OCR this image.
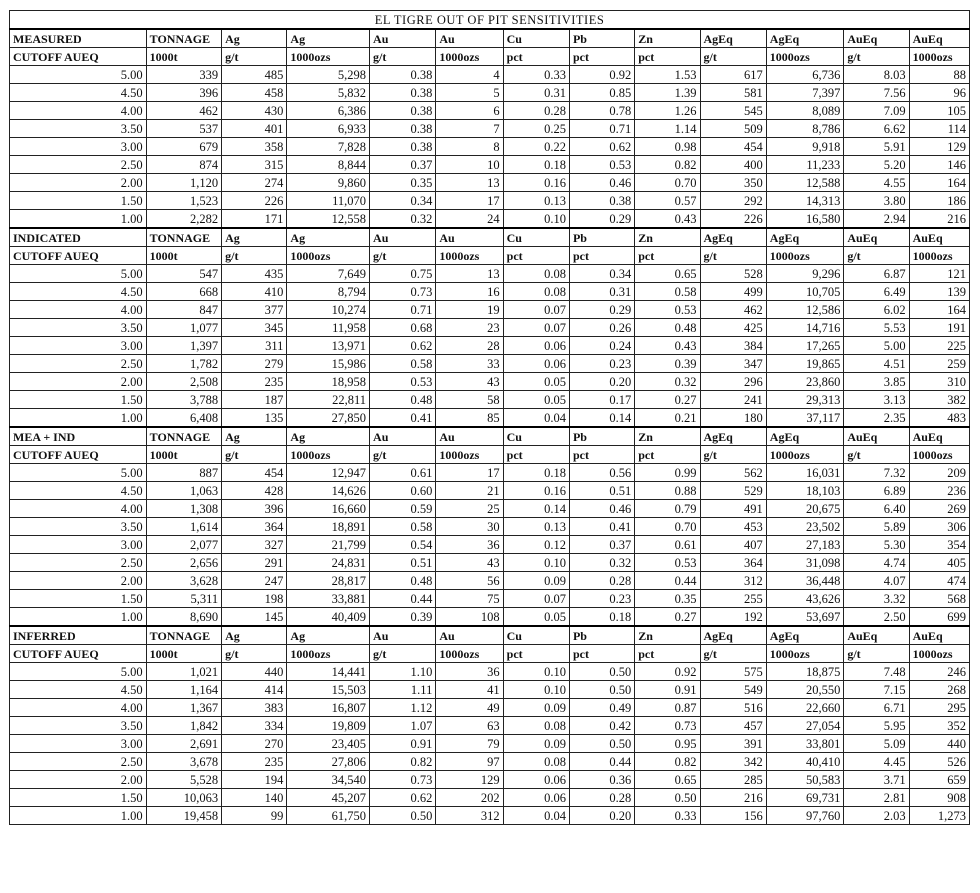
EL TIGRE OUT OF PIT SENSITIVITIES												
MEASURED	TONNAGE	Ag	Ag	Au	Au	Cu	Pb	Zn	AgEq	AgEq	AuEq	AuEq
CUTOFF AUEQ	1000t	g/t	1000ozs	g/t	1000ozs	pct	pct	pct	g/t	1000ozs	g/t	1000ozs
5.00	339	485	5,298	0.38	4	0.33	0.92	1.53	617	6,736	8.03	88
4.50	396	458	5,832	0.38	5	0.31	0.85	1.39	581	7,397	7.56	96
4.00	462	430	6,386	0.38	6	0.28	0.78	1.26	545	8,089	7.09	105
3.50	537	401	6,933	0.38	7	0.25	0.71	1.14	509	8,786	6.62	114
3.00	679	358	7,828	0.38	8	0.22	0.62	0.98	454	9,918	5.91	129
2.50	874	315	8,844	0.37	10	0.18	0.53	0.82	400	11,233	5.20	146
2.00	1,120	274	9,860	0.35	13	0.16	0.46	0.70	350	12,588	4.55	164
1.50	1,523	226	11,070	0.34	17	0.13	0.38	0.57	292	14,313	3.80	186
1.00	2,282	171	12,558	0.32	24	0.10	0.29	0.43	226	16,580	2.94	216
INDICATED	TONNAGE	Ag	Ag	Au	Au	Cu	Pb	Zn	AgEq	AgEq	AuEq	AuEq
CUTOFF AUEQ	1000t	g/t	1000ozs	g/t	1000ozs	pct	pct	pct	g/t	1000ozs	g/t	1000ozs
5.00	547	435	7,649	0.75	13	0.08	0.34	0.65	528	9,296	6.87	121
4.50	668	410	8,794	0.73	16	0.08	0.31	0.58	499	10,705	6.49	139
4.00	847	377	10,274	0.71	19	0.07	0.29	0.53	462	12,586	6.02	164
3.50	1,077	345	11,958	0.68	23	0.07	0.26	0.48	425	14,716	5.53	191
3.00	1,397	311	13,971	0.62	28	0.06	0.24	0.43	384	17,265	5.00	225
2.50	1,782	279	15,986	0.58	33	0.06	0.23	0.39	347	19,865	4.51	259
2.00	2,508	235	18,958	0.53	43	0.05	0.20	0.32	296	23,860	3.85	310
1.50	3,788	187	22,811	0.48	58	0.05	0.17	0.27	241	29,313	3.13	382
1.00	6,408	135	27,850	0.41	85	0.04	0.14	0.21	180	37,117	2.35	483
MEA + IND	TONNAGE	Ag	Ag	Au	Au	Cu	Pb	Zn	AgEq	AgEq	AuEq	AuEq
CUTOFF AUEQ	1000t	g/t	1000ozs	g/t	1000ozs	pct	pct	pct	g/t	1000ozs	g/t	1000ozs
5.00	887	454	12,947	0.61	17	0.18	0.56	0.99	562	16,031	7.32	209
4.50	1,063	428	14,626	0.60	21	0.16	0.51	0.88	529	18,103	6.89	236
4.00	1,308	396	16,660	0.59	25	0.14	0.46	0.79	491	20,675	6.40	269
3.50	1,614	364	18,891	0.58	30	0.13	0.41	0.70	453	23,502	5.89	306
3.00	2,077	327	21,799	0.54	36	0.12	0.37	0.61	407	27,183	5.30	354
2.50	2,656	291	24,831	0.51	43	0.10	0.32	0.53	364	31,098	4.74	405
2.00	3,628	247	28,817	0.48	56	0.09	0.28	0.44	312	36,448	4.07	474
1.50	5,311	198	33,881	0.44	75	0.07	0.23	0.35	255	43,626	3.32	568
1.00	8,690	145	40,409	0.39	108	0.05	0.18	0.27	192	53,697	2.50	699
INFERRED	TONNAGE	Ag	Ag	Au	Au	Cu	Pb	Zn	AgEq	AgEq	AuEq	AuEq
CUTOFF AUEQ	1000t	g/t	1000ozs	g/t	1000ozs	pct	pct	pct	g/t	1000ozs	g/t	1000ozs
5.00	1,021	440	14,441	1.10	36	0.10	0.50	0.92	575	18,875	7.48	246
4.50	1,164	414	15,503	1.11	41	0.10	0.50	0.91	549	20,550	7.15	268
4.00	1,367	383	16,807	1.12	49	0.09	0.49	0.87	516	22,660	6.71	295
3.50	1,842	334	19,809	1.07	63	0.08	0.42	0.73	457	27,054	5.95	352
3.00	2,691	270	23,405	0.91	79	0.09	0.50	0.95	391	33,801	5.09	440
2.50	3,678	235	27,806	0.82	97	0.08	0.44	0.82	342	40,410	4.45	526
2.00	5,528	194	34,540	0.73	129	0.06	0.36	0.65	285	50,583	3.71	659
1.50	10,063	140	45,207	0.62	202	0.06	0.28	0.50	216	69,731	2.81	908
1.00	19,458	99	61,750	0.50	312	0.04	0.20	0.33	156	97,760	2.03	1,273
